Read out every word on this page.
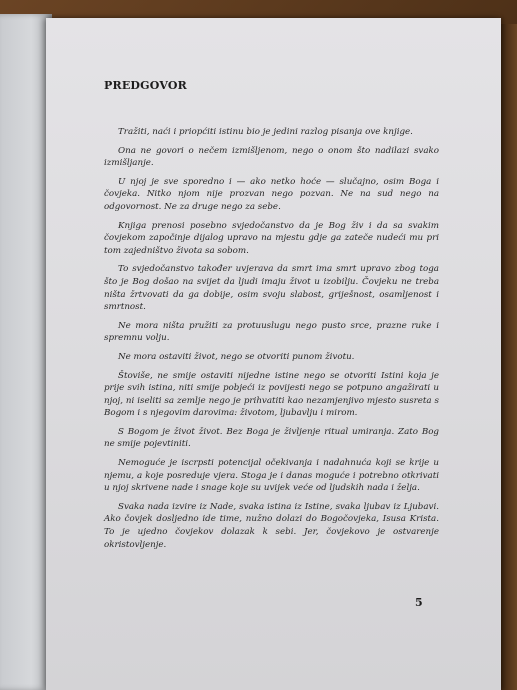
PREDGOVOR

Tražiti, naći i priopćiti istinu bio je jedini razlog pisanja ove knjige.

Ona ne govori o nečem izmišljenom, nego o onom što nadilazi svako izmišljanje.

U njoj je sve sporedno i — ako netko hoće — slučajno, osim Boga i čovjeka. Nitko njom nije prozvan nego pozvan. Ne na sud nego na odgovornost. Ne za druge nego za sebe.

Knjiga prenosi posebno svjedočanstvo da je Bog živ i da sa svakim čovjekom započinje dijalog upravo na mjestu gdje ga zateče nudeći mu pri tom zajedništvo života sa sobom.

To svjedočanstvo također uvjerava da smrt ima smrt upravo zbog toga što je Bog došao na svijet da ljudi imaju život u izobilju. Čovjeku ne treba ništa žrtvovati da ga dobije, osim svoju slabost, griješnost, osamljenost i smrtnost.

Ne mora ništa pružiti za protuuslugu nego pusto srce, prazne ruke i spremnu volju.

Ne mora ostaviti život, nego se otvoriti punom životu.

Štoviše, ne smije ostaviti nijedne istine nego se otvoriti Istini koja je prije svih istina, niti smije pobjeći iz povijesti nego se potpuno angažirati u njoj, ni iseliti sa zemlje nego je prihvatiti kao nezamjenjivo mjesto susreta s Bogom i s njegovim darovima: životom, ljubavlju i mirom.

S Bogom je život život. Bez Boga je življenje ritual umiranja. Zato Bog ne smije pojevtiniti.

Nemoguće je iscrpsti potencijal očekivanja i nadahnuća koji se krije u njemu, a koje posreduje vjera. Stoga je i danas moguće i potrebno otkrivati u njoj skrivene nade i snage koje su uvijek veće od ljudskih nada i želja.

Svaka nada izvire iz Nade, svaka istina iz Istine, svaka ljubav iz Ljubavi. Ako čovjek dosljedno ide time, nužno dolazi do Bogočovjeka, Isusa Krista. To je ujedno čovjekov dolazak k sebi. Jer, čovjekovo je ostvarenje okristovljenje.

5
